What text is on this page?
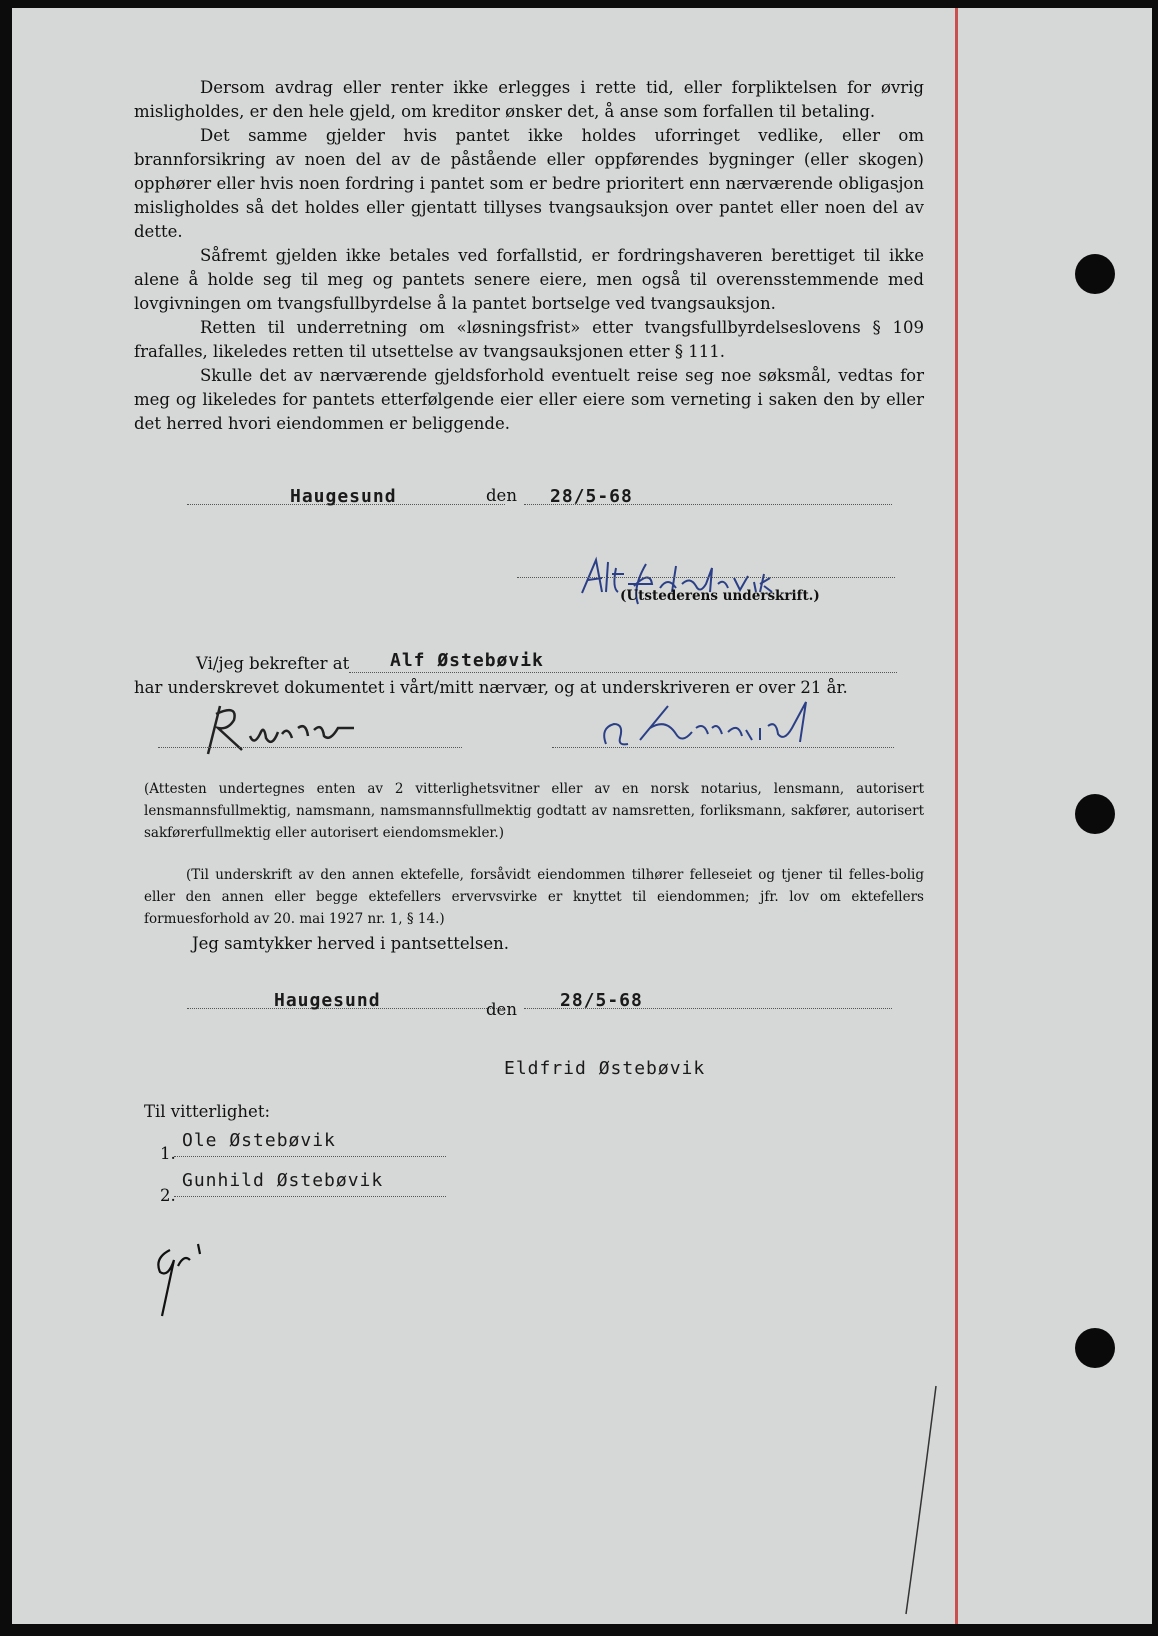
Dersom avdrag eller renter ikke erlegges i rette tid, eller forpliktelsen for øvrig misligholdes, er den hele gjeld, om kreditor ønsker det, å anse som forfallen til betaling.

Det samme gjelder hvis pantet ikke holdes uforringet vedlike, eller om brannforsikring av noen del av de påstående eller oppførendes bygninger (eller skogen) opphører eller hvis noen fordring i pantet som er bedre prioritert enn nærværende obligasjon misligholdes så det holdes eller gjentatt tillyses tvangsauksjon over pantet eller noen del av dette.

Såfremt gjelden ikke betales ved forfallstid, er fordringshaveren berettiget til ikke alene å holde seg til meg og pantets senere eiere, men også til overensstemmende med lovgivningen om tvangsfullbyrdelse å la pantet bortselge ved tvangsauksjon.

Retten til underretning om «løsningsfrist» etter tvangsfullbyrdelseslovens § 109 frafalles, likeledes retten til utsettelse av tvangsauksjonen etter § 111.

Skulle det av nærværende gjeldsforhold eventuelt reise seg noe søksmål, vedtas for meg og likeledes for pantets etterfølgende eier eller eiere som verneting i saken den by eller det herred hvori eiendommen er beliggende.

Haugesund	den 28/5-68
(Utstederens underskrift.)
Vi/jeg bekrefter at Alf Østebøvik
har underskrevet dokumentet i vårt/mitt nærvær, og at underskriveren er over 21 år.
(Attesten undertegnes enten av 2 vitterlighetsvitner eller av en norsk notarius, lensmann, autorisert lensmannsfullmektig, namsmann, namsmannsfullmektig godtatt av namsretten, forliksmann, sakfører, autorisert sakførerfullmektig eller autorisert eiendomsmekler.)
(Til underskrift av den annen ektefelle, forsåvidt eiendommen tilhører felleseiet og tjener til felles-bolig eller den annen eller begge ektefellers ervervsvirke er knyttet til eiendommen; jfr. lov om ektefellers formuesforhold av 20. mai 1927 nr. 1, § 14.)
Jeg samtykker herved i pantsettelsen.
Haugesund	den 28/5-68
Eldfrid Østebøvik
Til vitterlighet:
1.
Ole Østebøvik
2.
Gunhild Østebøvik
